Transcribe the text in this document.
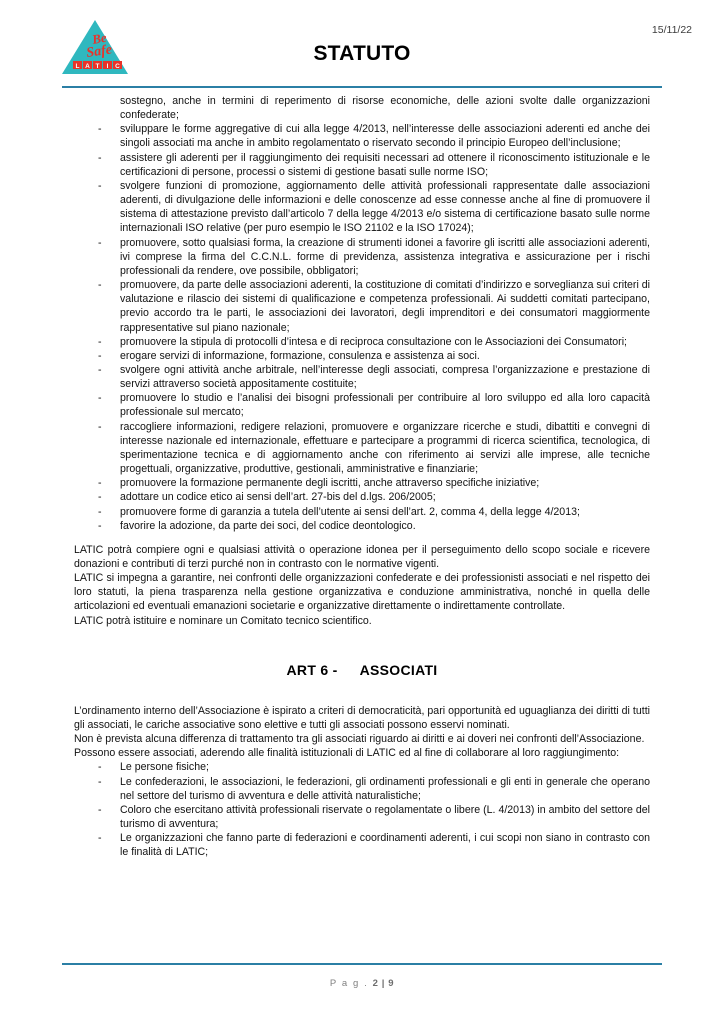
Be
Safe
L A T I C
STATUTO
15/11/22
sostegno, anche in termini di reperimento di risorse economiche, delle azioni svolte dalle organizzazioni confederate;
- sviluppare le forme aggregative di cui alla legge 4/2013, nell’interesse delle associazioni aderenti ed anche dei singoli associati ma anche in ambito regolamentato o riservato secondo il principio Europeo dell’inclusione;
- assistere gli aderenti per il raggiungimento dei requisiti necessari ad ottenere il riconoscimento istituzionale e le certificazioni di persone, processi o sistemi di gestione basati sulle norme ISO;
- svolgere funzioni di promozione, aggiornamento delle attività professionali rappresentate dalle associazioni aderenti, di divulgazione delle informazioni e delle conoscenze ad esse connesse anche al fine di promuovere il sistema di attestazione previsto dall’articolo 7 della legge 4/2013 e/o sistema di certificazione basato sulle norme internazionali ISO relative (per puro esempio le ISO 21102 e la ISO 17024);
- promuovere, sotto qualsiasi forma, la creazione di strumenti idonei a favorire gli iscritti alle associazioni aderenti, ivi comprese la firma del C.C.N.L. forme di previdenza, assistenza integrativa e assicurazione per i rischi professionali da rendere, ove possibile, obbligatori;
- promuovere, da parte delle associazioni aderenti, la costituzione di comitati d’indirizzo e sorveglianza sui criteri di valutazione e rilascio dei sistemi di qualificazione e competenza professionali. Ai suddetti comitati partecipano, previo accordo tra le parti, le associazioni dei lavoratori, degli imprenditori e dei consumatori maggiormente rappresentative sul piano nazionale;
- promuovere la stipula di protocolli d’intesa e di reciproca consultazione con le Associazioni dei Consumatori;
- erogare servizi di informazione, formazione, consulenza e assistenza ai soci.
- svolgere ogni attività anche arbitrale, nell’interesse degli associati, compresa l’organizzazione e prestazione di servizi attraverso società appositamente costituite;
- promuovere lo studio e l’analisi dei bisogni professionali per contribuire al loro sviluppo ed alla loro capacità professionale sul mercato;
- raccogliere informazioni, redigere relazioni, promuovere e organizzare ricerche e studi, dibattiti e convegni di interesse nazionale ed internazionale, effettuare e partecipare a programmi di ricerca scientifica, tecnologica, di sperimentazione tecnica e di aggiornamento anche con riferimento ai servizi alle imprese, alle tecniche progettuali, organizzative, produttive, gestionali, amministrative e finanziarie;
- promuovere la formazione permanente degli iscritti, anche attraverso specifiche iniziative;
- adottare un codice etico ai sensi dell’art. 27-bis del d.lgs. 206/2005;
- promuovere forme di garanzia a tutela dell’utente ai sensi dell’art. 2, comma 4, della legge 4/2013;
- favorire la adozione, da parte dei soci, del codice deontologico.

LATIC potrà compiere ogni e qualsiasi attività o operazione idonea per il perseguimento dello scopo sociale e ricevere donazioni e contributi di terzi purché non in contrasto con le normative vigenti.

LATIC si impegna a garantire, nei confronti delle organizzazioni confederate e dei professionisti associati e nel rispetto dei loro statuti, la piena trasparenza nella gestione organizzativa e conduzione amministrativa, nonché in quella delle articolazioni ed eventuali emanazioni societarie e organizzative direttamente o indirettamente controllate.

LATIC potrà istituire e nominare un Comitato tecnico scientifico.

ART 6 - ASSOCIATI

L’ordinamento interno dell’Associazione è ispirato a criteri di democraticità, pari opportunità ed uguaglianza dei diritti di tutti gli associati, le cariche associative sono elettive e tutti gli associati possono esservi nominati.

Non è prevista alcuna differenza di trattamento tra gli associati riguardo ai diritti e ai doveri nei confronti dell’Associazione.

Possono essere associati, aderendo alle finalità istituzionali di LATIC ed al fine di collaborare al loro raggiungimento:

- Le persone fisiche;
- Le confederazioni, le associazioni, le federazioni, gli ordinamenti professionali e gli enti in generale che operano nel settore del turismo di avventura e delle attività naturalistiche;
- Coloro che esercitano attività professionali riservate o regolamentate o libere (L. 4/2013) in ambito del settore del turismo di avventura;
- Le organizzazioni che fanno parte di federazioni e coordinamenti aderenti, i cui scopi non siano in contrasto con le finalità di LATIC;
P a g . 2 | 9
